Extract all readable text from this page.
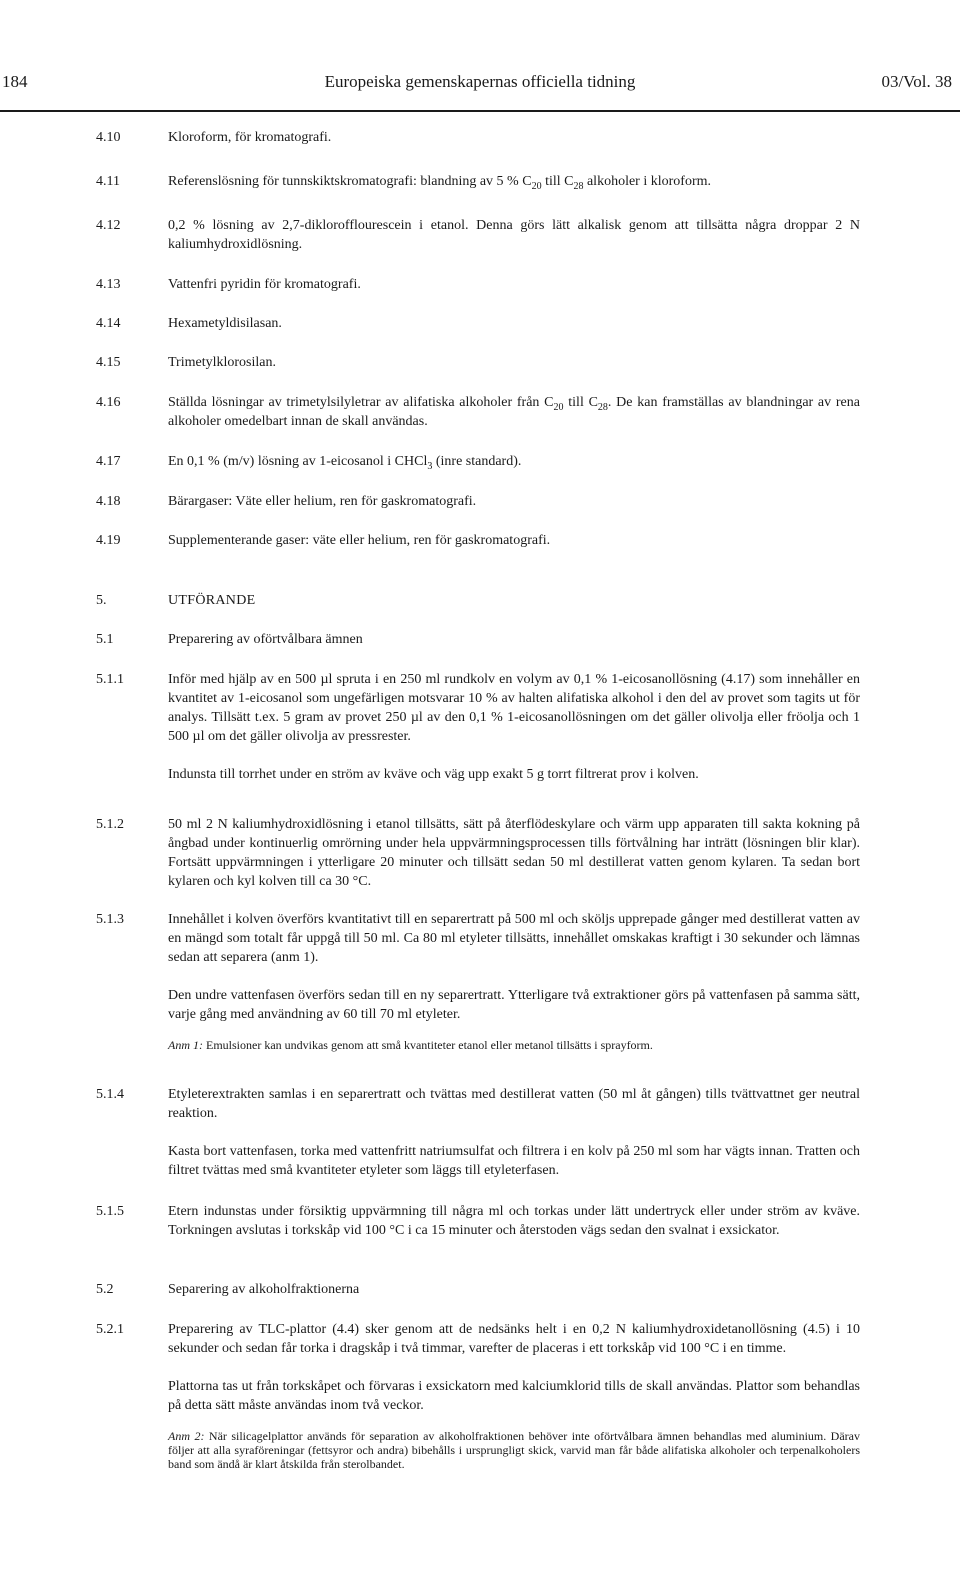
184	Europeiska gemenskapernas officiella tidning	03/Vol. 38
4.10	Kloroform, för kromatografi.
4.11	Referenslösning för tunnskiktskromatografi: blandning av 5 % $C_{20}$ till $C_{28}$ alkoholer i kloroform.
4.12	0,2 % lösning av 2,7-diklorofflourescein i etanol. Denna görs lätt alkalisk genom att tillsätta några droppar 2 N kaliumhydroxidlösning.
4.13	Vattenfri pyridin för kromatografi.
4.14	Hexametyldisilasan.
4.15	Trimetylklorosilan.
4.16	Ställda lösningar av trimetylsilyletrar av alifatiska alkoholer från $C_{20}$ till $C_{28}$. De kan framställas av blandningar av rena alkoholer omedelbart innan de skall användas.
4.17	En 0,1 % (m/v) lösning av 1-eicosanol i CHCl$_3$ (inre standard).
4.18	Bärargaser: Väte eller helium, ren för gaskromatografi.
4.19	Supplementerande gaser: väte eller helium, ren för gaskromatografi.
5.	UTFÖRANDE
5.1	Preparering av oförtvålbara ämnen
5.1.1	Inför med hjälp av en 500 µl spruta i en 250 ml rundkolv en volym av 0,1 % 1-eicosanollösning (4.17) som innehåller en kvantitet av 1-eicosanol som ungefärligen motsvarar 10 % av halten alifatiska alkohol i den del av provet som tagits ut för analys. Tillsätt t.ex. 5 gram av provet 250 µl av den 0,1 % 1-eicosanollösningen om det gäller olivolja eller fröolja och 1 500 µl om det gäller olivolja av pressrester.

Indunsta till torrhet under en ström av kväve och väg upp exakt 5 g torrt filtrerat prov i kolven.

5.1.2	50 ml 2 N kaliumhydroxidlösning i etanol tillsätts, sätt på återflödeskylare och värm upp apparaten till sakta kokning på ångbad under kontinuerlig omrörning under hela uppvärmningsprocessen tills förtvålning har inträtt (lösningen blir klar). Fortsätt uppvärmningen i ytterligare 20 minuter och tillsätt sedan 50 ml destillerat vatten genom kylaren. Ta sedan bort kylaren och kyl kolven till ca 30 °C.

5.1.3	Innehållet i kolven överförs kvantitativt till en separertratt på 500 ml och sköljs upprepade gånger med destillerat vatten av en mängd som totalt får uppgå till 50 ml. Ca 80 ml etyleter tillsätts, innehållet omskakas kraftigt i 30 sekunder och lämnas sedan att separera (anm 1).

Den undre vattenfasen överförs sedan till en ny separertratt. Ytterligare två extraktioner görs på vattenfasen på samma sätt, varje gång med användning av 60 till 70 ml etyleter.

Anm 1: Emulsioner kan undvikas genom att små kvantiteter etanol eller metanol tillsätts i sprayform.

5.1.4	Etyleterextrakten samlas i en separertratt och tvättas med destillerat vatten (50 ml åt gången) tills tvättvattnet ger neutral reaktion.

Kasta bort vattenfasen, torka med vattenfritt natriumsulfat och filtrera i en kolv på 250 ml som har vägts innan. Tratten och filtret tvättas med små kvantiteter etyleter som läggs till etyleterfasen.

5.1.5	Etern indunstas under försiktig uppvärmning till några ml och torkas under lätt undertryck eller under ström av kväve. Torkningen avslutas i torkskåp vid 100 °C i ca 15 minuter och återstoden vägs sedan den svalnat i exsickator.

5.2	Separering av alkoholfraktionerna
5.2.1	Preparering av TLC-plattor (4.4) sker genom att de nedsänks helt i en 0,2 N kaliumhydroxidetanollösning (4.5) i 10 sekunder och sedan får torka i dragskåp i två timmar, varefter de placeras i ett torkskåp vid 100 °C i en timme.

Plattorna tas ut från torkskåpet och förvaras i exsickatorn med kalciumklorid tills de skall användas. Plattor som behandlas på detta sätt måste användas inom två veckor.

Anm 2: När silicagelplattor används för separation av alkoholfraktionen behöver inte oförtvålbara ämnen behandlas med aluminium. Därav följer att alla syraföreningar (fettsyror och andra) bibehålls i ursprungligt skick, varvid man får både alifatiska alkoholer och terpenalkoholers band som ändå är klart åtskilda från sterolbandet.
